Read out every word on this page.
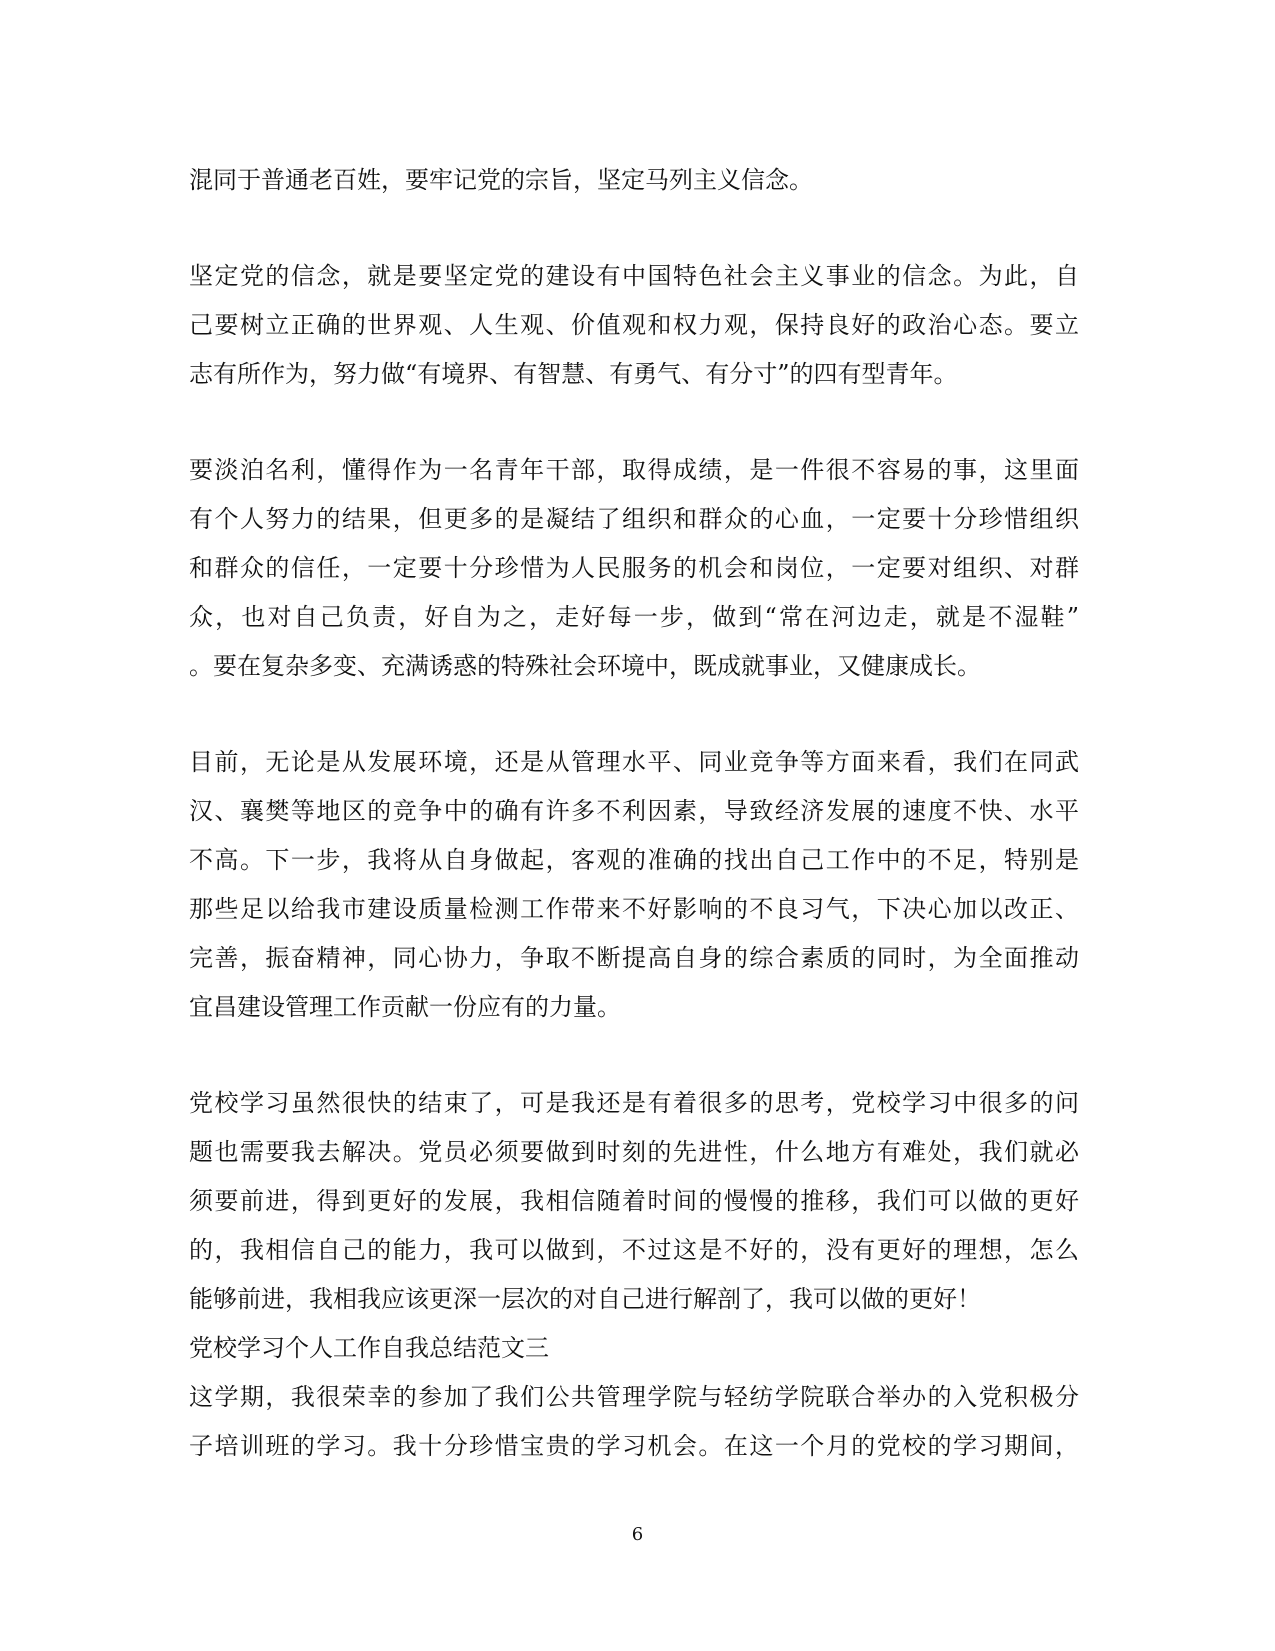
混同于普通老百姓，要牢记党的宗旨，坚定马列主义信念。
坚定党的信念，就是要坚定党的建设有中国特色社会主义事业的信念。为此，自
己要树立正确的世界观、人生观、价值观和权力观，保持良好的政治心态。要立
志有所作为，努力做“有境界、有智慧、有勇气、有分寸”的四有型青年。
要淡泊名利，懂得作为一名青年干部，取得成绩，是一件很不容易的事，这里面
有个人努力的结果，但更多的是凝结了组织和群众的心血，一定要十分珍惜组织
和群众的信任，一定要十分珍惜为人民服务的机会和岗位，一定要对组织、对群
众，也对自己负责，好自为之，走好每一步，做到“常在河边走，就是不湿鞋”
。要在复杂多变、充满诱惑的特殊社会环境中，既成就事业，又健康成长。
目前，无论是从发展环境，还是从管理水平、同业竞争等方面来看，我们在同武
汉、襄樊等地区的竞争中的确有许多不利因素，导致经济发展的速度不快、水平
不高。下一步，我将从自身做起，客观的准确的找出自己工作中的不足，特别是
那些足以给我市建设质量检测工作带来不好影响的不良习气，下决心加以改正、
完善，振奋精神，同心协力，争取不断提高自身的综合素质的同时，为全面推动
宜昌建设管理工作贡献一份应有的力量。
党校学习虽然很快的结束了，可是我还是有着很多的思考，党校学习中很多的问
题也需要我去解决。党员必须要做到时刻的先进性，什么地方有难处，我们就必
须要前进，得到更好的发展，我相信随着时间的慢慢的推移，我们可以做的更好
的，我相信自己的能力，我可以做到，不过这是不好的，没有更好的理想，怎么
能够前进，我相我应该更深一层次的对自己进行解剖了，我可以做的更好！
党校学习个人工作自我总结范文三
这学期，我很荣幸的参加了我们公共管理学院与轻纺学院联合举办的入党积极分
子培训班的学习。我十分珍惜宝贵的学习机会。在这一个月的党校的学习期间，
6
